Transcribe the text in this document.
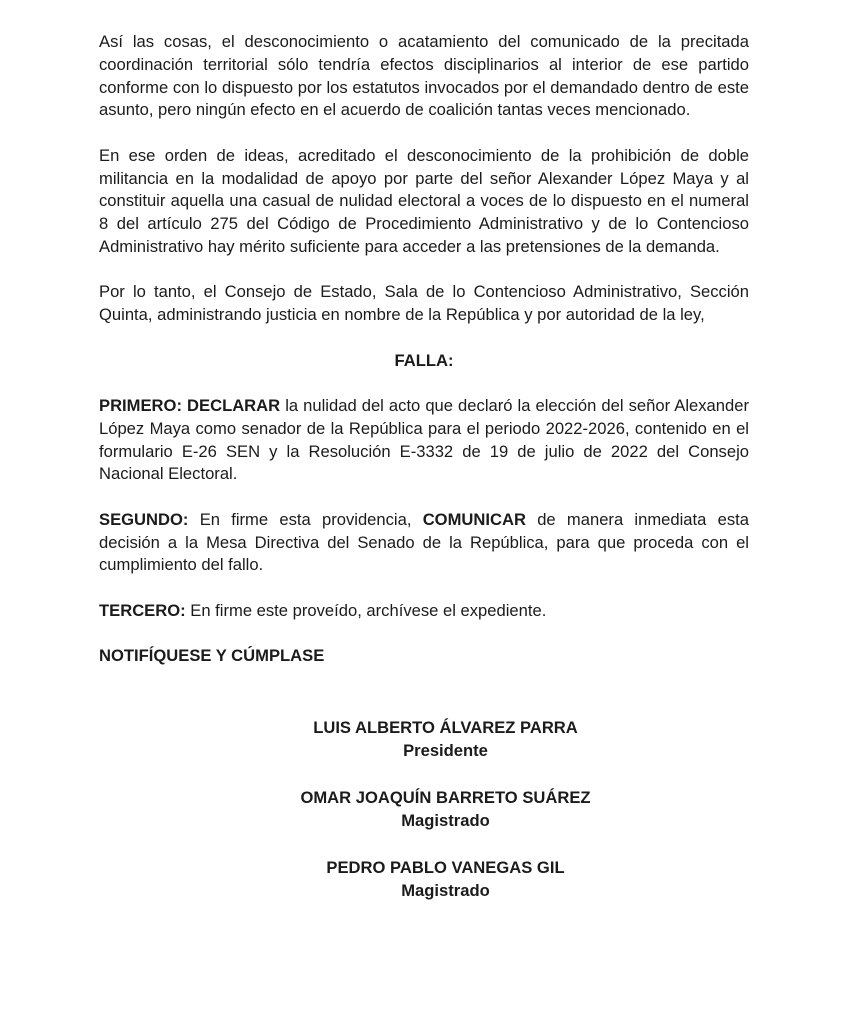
Así las cosas, el desconocimiento o acatamiento del comunicado de la precitada coordinación territorial sólo tendría efectos disciplinarios al interior de ese partido conforme con lo dispuesto por los estatutos invocados por el demandado dentro de este asunto, pero ningún efecto en el acuerdo de coalición tantas veces mencionado.

En ese orden de ideas, acreditado el desconocimiento de la prohibición de doble militancia en la modalidad de apoyo por parte del señor Alexander López Maya y al constituir aquella una casual de nulidad electoral a voces de lo dispuesto en el numeral 8 del artículo 275 del Código de Procedimiento Administrativo y de lo Contencioso Administrativo hay mérito suficiente para acceder a las pretensiones de la demanda.

Por lo tanto, el Consejo de Estado, Sala de lo Contencioso Administrativo, Sección Quinta, administrando justicia en nombre de la República y por autoridad de la ley,

FALLA:

PRIMERO: DECLARAR la nulidad del acto que declaró la elección del señor Alexander López Maya como senador de la República para el periodo 2022-2026, contenido en el formulario E-26 SEN y la Resolución E-3332 de 19 de julio de 2022 del Consejo Nacional Electoral.

SEGUNDO: En firme esta providencia, COMUNICAR de manera inmediata esta decisión a la Mesa Directiva del Senado de la República, para que proceda con el cumplimiento del fallo.

TERCERO: En firme este proveído, archívese el expediente.

NOTIFÍQUESE Y CÚMPLASE

LUIS ALBERTO ÁLVAREZ PARRA

Presidente

OMAR JOAQUÍN BARRETO SUÁREZ

Magistrado

PEDRO PABLO VANEGAS GIL

Magistrado
